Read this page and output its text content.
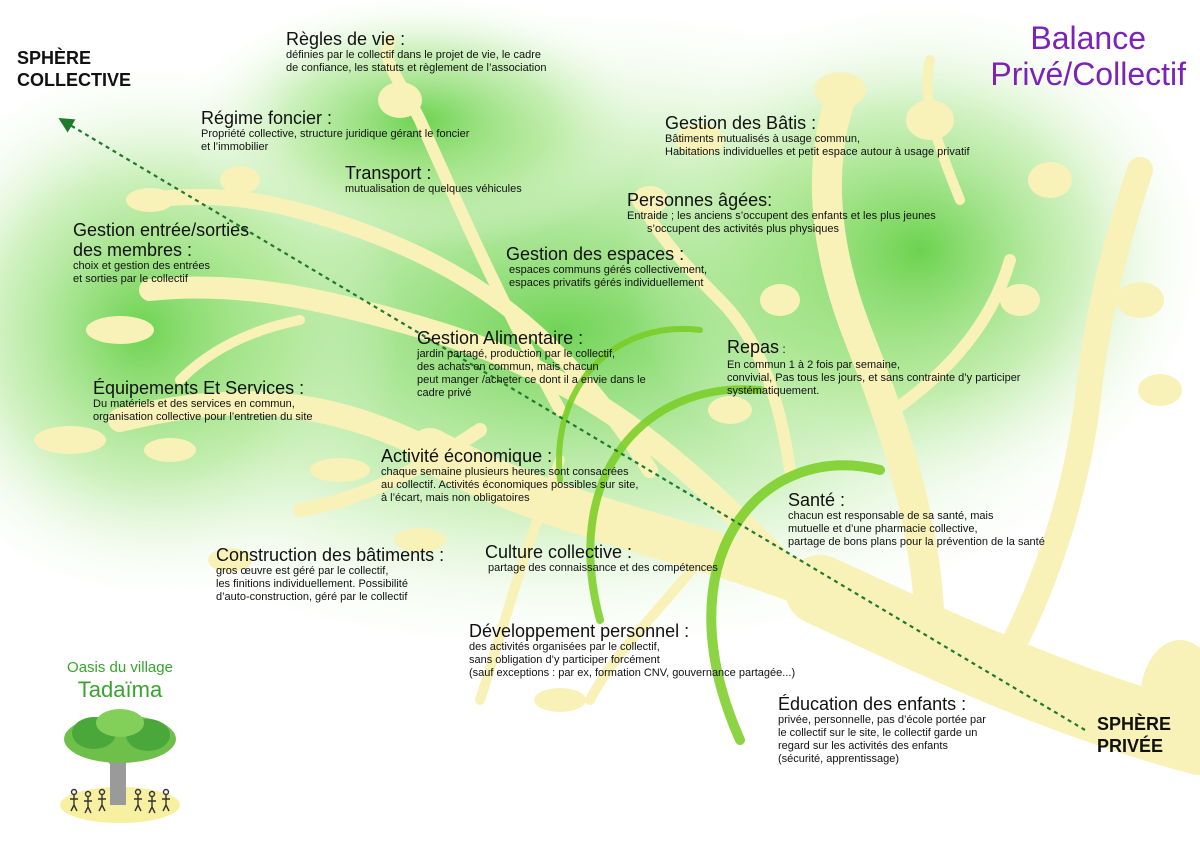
Balance
Privé/Collectif
SPHÈRE
COLLECTIVE
SPHÈRE
PRIVÉE
Règles de vie :
définies par le collectif dans le projet de vie, le cadre
de confiance, les statuts et règlement de l’association
Régime foncier :
Propriété collective, structure juridique gérant le foncier
et l’immobilier
Transport :
mutualisation de quelques véhicules
Gestion des Bâtis :
Bâtiments mutualisés à usage commun,
Habitations individuelles et petit espace autour à usage privatif
Personnes âgées:
Entraide ; les anciens s’occupent des enfants et les plus jeunes
s’occupent des activités plus physiques
Gestion entrée/sorties
des membres :
choix et gestion des entrées
et sorties par le collectif
Gestion des espaces :
espaces communs gérés collectivement,
espaces privatifs gérés individuellement
Gestion Alimentaire :
jardin partagé, production par le collectif,
des achats en commun, mais chacun
peut manger /acheter ce dont il a envie dans le
cadre privé
Repas :
En commun 1 à 2 fois par semaine,
convivial, Pas tous les jours, et sans contrainte d’y participer
systématiquement.
Équipements Et Services :
Du matériels et des services en commun,
organisation collective pour l’entretien du site
Activité économique :
chaque semaine plusieurs heures sont consacrées
au collectif. Activités économiques possibles sur site,
à l’écart, mais non obligatoires	Santé :
chacun est responsable de sa santé, mais
mutuelle et d’une pharmacie collective,
partage de bons plans pour la prévention de la santé
Construction des bâtiments :
gros œuvre est géré par le collectif,
les finitions individuellement. Possibilité
d’auto-construction, géré par le collectif
Culture collective :
partage des connaissance et des compétences
Développement personnel :
des activités organisées par le collectif,
sans obligation d’y participer forcément
(sauf exceptions : par ex, formation CNV, gouvernance partagée...)
Éducation des enfants :
privée, personnelle, pas d’école portée par
le collectif sur le site, le collectif garde un
regard sur les activités des enfants
(sécurité, apprentissage)
Oasis du village
Tadaïma
